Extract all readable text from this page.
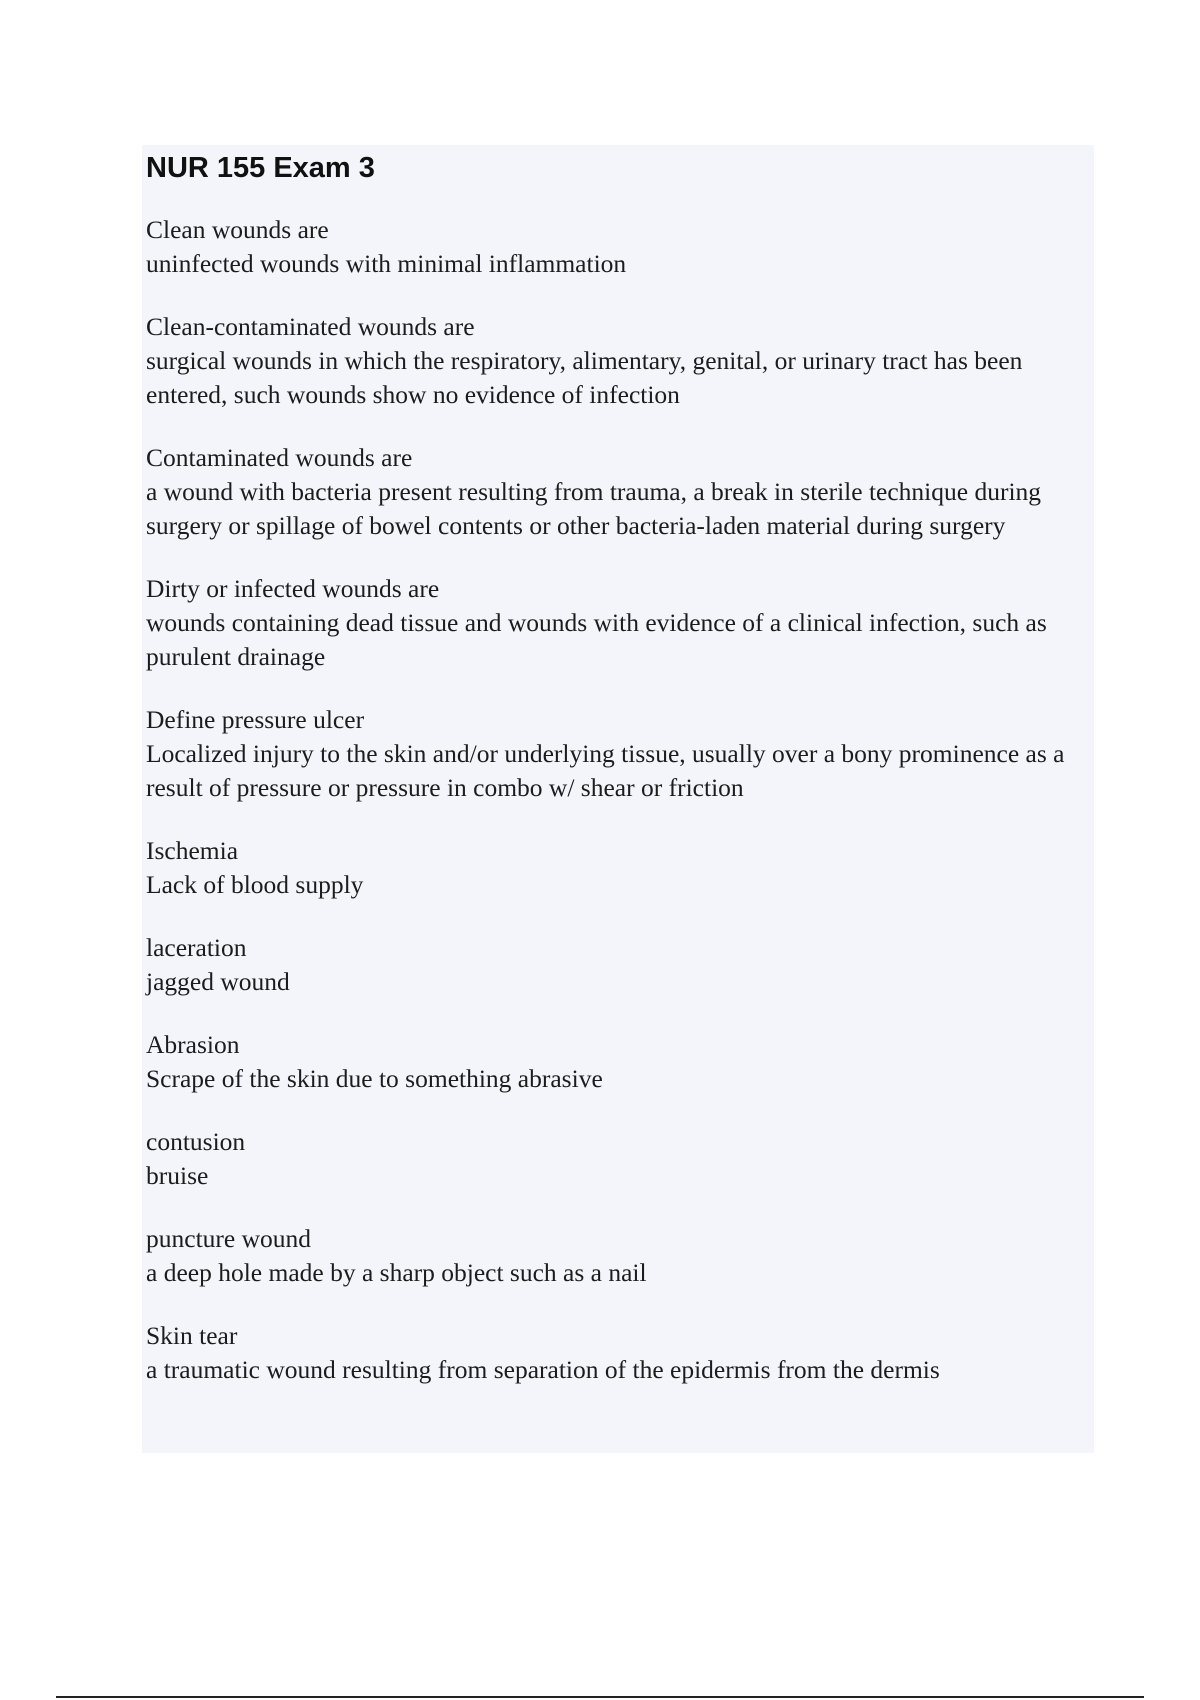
NUR 155 Exam 3
Clean wounds are
uninfected wounds with minimal inflammation
Clean-contaminated wounds are
surgical wounds in which the respiratory, alimentary, genital, or urinary tract has been entered, such wounds show no evidence of infection
Contaminated wounds are
a wound with bacteria present resulting from trauma, a break in sterile technique during surgery or spillage of bowel contents or other bacteria-laden material during surgery
Dirty or infected wounds are
wounds containing dead tissue and wounds with evidence of a clinical infection, such as purulent drainage
Define pressure ulcer
Localized injury to the skin and/or underlying tissue, usually over a bony prominence as a result of pressure or pressure in combo w/ shear or friction
Ischemia
Lack of blood supply
laceration
jagged wound
Abrasion
Scrape of the skin due to something abrasive
contusion
bruise
puncture wound
a deep hole made by a sharp object such as a nail
Skin tear
a traumatic wound resulting from separation of the epidermis from the dermis
